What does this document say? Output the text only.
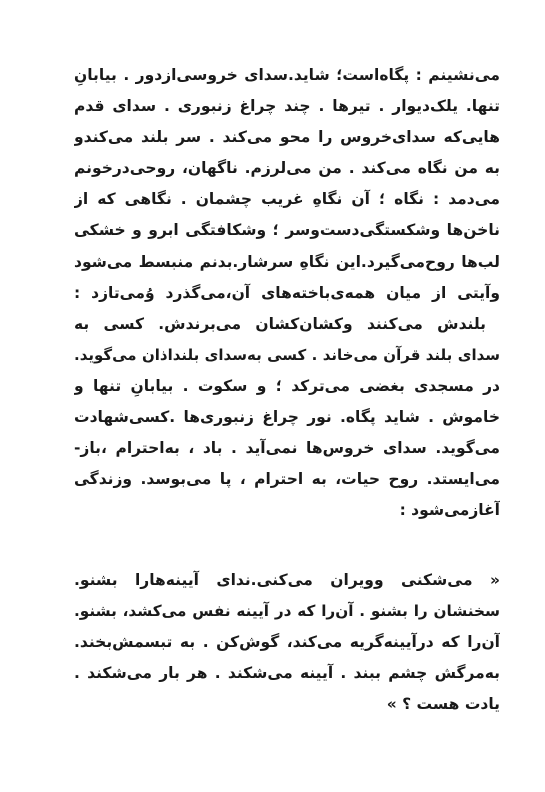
می‌نشینم : پگاه‌است؛ شاید.سدای خروسی‌ازدور . بیابانِ
تنها. یلک‌دیوار . تیرها . چند چراغ زنبوری . سدای قدم
هایی‌که سدای‌خروس را محو می‌کند . سر بلند می‌کندو
به من نگاه می‌کند . من می‌لرزم. ناگهان، روحی‌درخونم
می‌دمد : نگاه ؛ آن نگاهِ غریب چشمان . نگاهی که از
ناخن‌ها وشکستگی‌دست‌وسر ؛ وشکافتگی ابرو و خشکی
لب‌ها روح‌می‌گیرد.این نگاهِ سرشار.بدنم منبسط می‌شود
وآیتی از میان همه‌ی‌باخته‌های آن،می‌گذرد وُمی‌تازد :
بلندش می‌کنند وکشان‌کشان می‌برندش. کسی به
سدای بلند قرآن می‌خاند . کسی به‌سدای بلنداذان می‌گوید.
در مسجدی بغضی می‌ترکد ؛ و سکوت . بیابانِ تنها و
خاموش . شاید پگاه. نور چراغ زنبوری‌ها .کسی‌شهادت
می‌گوید. سدای خروس‌ها نمی‌آید . باد ، به‌احترام ،باز-
می‌ایستد. روح حیات، به احترام ، پا می‌بوسد. وزندگی
آغازمی‌شود :
« می‌شکنی وویران می‌کنی.ندای آیینه‌هارا بشنو.
سخنشان را بشنو . آن‌را که در آیینه نفس می‌کشد، بشنو.
آن‌را که درآیینه‌گریه می‌کند، گوش‌کن . به تبسمش‌بخند.
به‌مرگش چشم ببند . آیینه می‌شکند . هر بار می‌شکند .
یادت هست ؟ »
